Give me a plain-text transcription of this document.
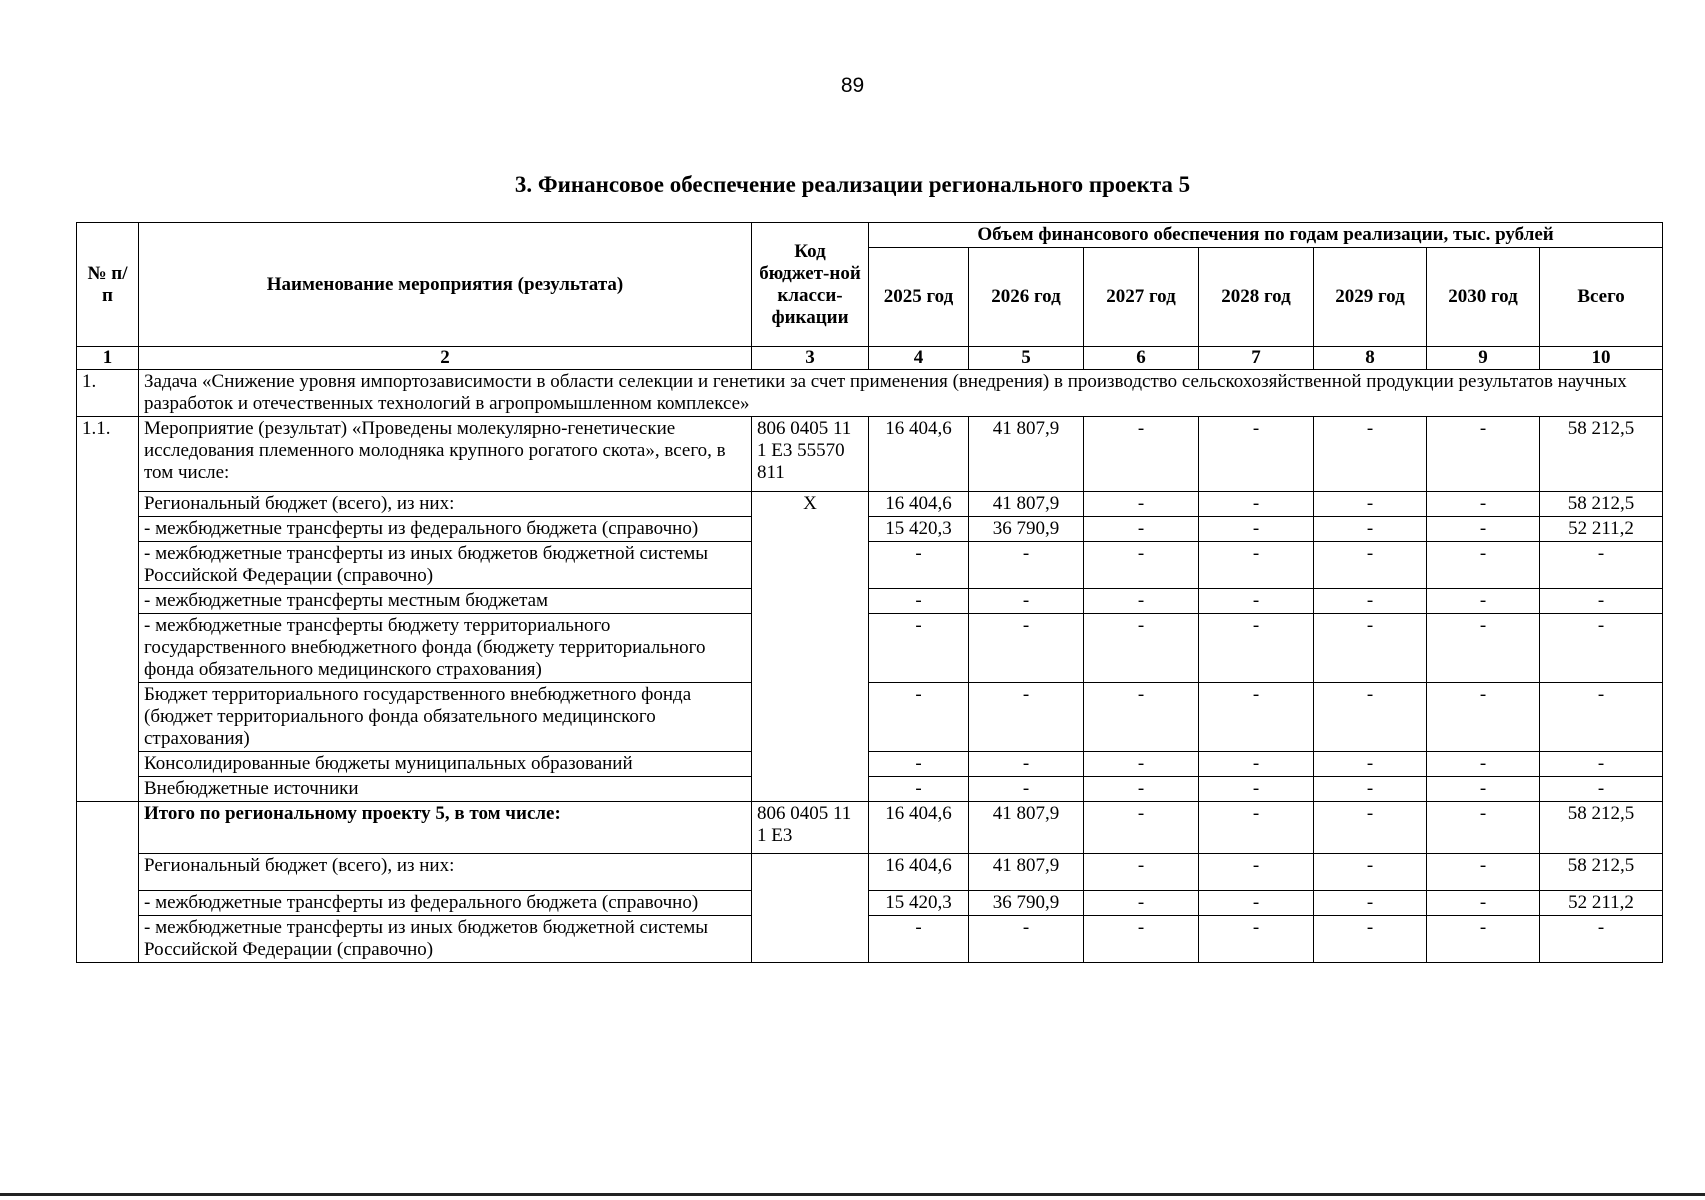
89
3. Финансовое обеспечение реализации регионального проекта 5
№ п/п	Наименование мероприятия (результата)	Код бюджет-ной класси-фикации	Объем финансового обеспечения по годам реализации, тыс. рублей						
			2025 год	2026 год	2027 год	2028 год	2029 год	2030 год	Всего
1	2	3	4	5	6	7	8	9	10
1.	Задача «Снижение уровня импортозависимости в области селекции и генетики за счет применения (внедрения) в производство сельскохозяйственной продукции результатов научных разработок и отечественных технологий в агропромышленном комплексе»								
1.1.	Мероприятие (результат) «Проведены молекулярно-генетические исследования племенного молодняка крупного рогатого скота», всего, в том числе:	806 0405 11 1 Е3 55570 811	16 404,6	41 807,9	-	-	-	-	58 212,5
	Региональный бюджет (всего), из них:	Х	16 404,6	41 807,9	-	-	-	-	58 212,5
	- межбюджетные трансферты из федерального бюджета (справочно)		15 420,3	36 790,9	-	-	-	-	52 211,2
	- межбюджетные трансферты из иных бюджетов бюджетной системы Российской Федерации (справочно)		-	-	-	-	-	-	-
	- межбюджетные трансферты местным бюджетам		-	-	-	-	-	-	-
	- межбюджетные трансферты бюджету территориального государственного внебюджетного фонда (бюджету территориального фонда обязательного медицинского страхования)		-	-	-	-	-	-	-
	Бюджет территориального государственного внебюджетного фонда (бюджет территориального фонда обязательного медицинского страхования)		-	-	-	-	-	-	-
	Консолидированные бюджеты муниципальных образований		-	-	-	-	-	-	-
	Внебюджетные источники		-	-	-	-	-	-	-
	Итого по региональному проекту 5, в том числе:	806 0405 11 1 Е3	16 404,6	41 807,9	-	-	-	-	58 212,5
	Региональный бюджет (всего), из них:		16 404,6	41 807,9	-	-	-	-	58 212,5
	- межбюджетные трансферты из федерального бюджета (справочно)		15 420,3	36 790,9	-	-	-	-	52 211,2
	- межбюджетные трансферты из иных бюджетов бюджетной системы Российской Федерации (справочно)		-	-	-	-	-	-	-
